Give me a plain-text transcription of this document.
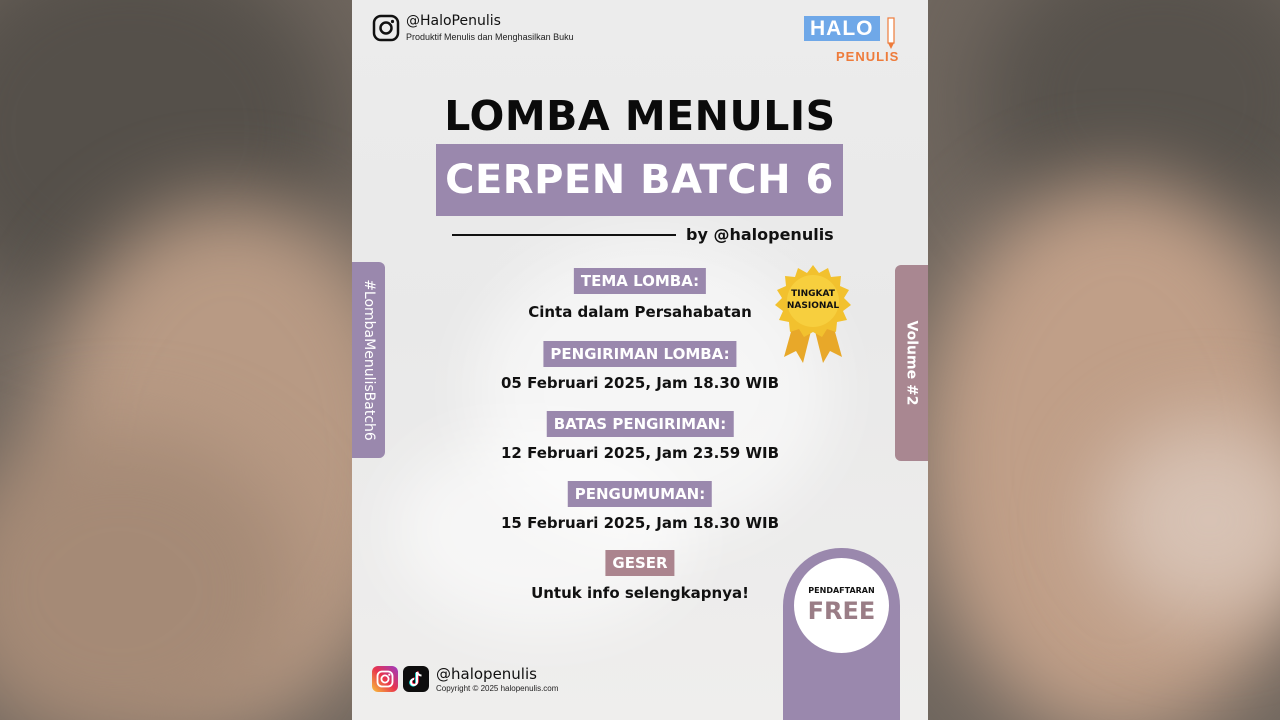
@HaloPenulis
Produktif Menulis dan Menghasilkan Buku	HALO
PENULIS
LOMBA MENULIS
CERPEN BATCH 6
by @halopenulis
#LombaMenulisBatch6	Volume #2
TINGKAT
NASIONAL
TEMA LOMBA:
Cinta dalam Persahabatan
PENGIRIMAN LOMBA:
05 Februari 2025, Jam 18.30 WIB
BATAS PENGIRIMAN:
12 Februari 2025, Jam 23.59 WIB
PENGUMUMAN:
15 Februari 2025, Jam 18.30 WIB
GESER
Untuk info selengkapnya!	PENDAFTARAN
FREE
@halopenulis
Copyright © 2025 halopenulis.com
